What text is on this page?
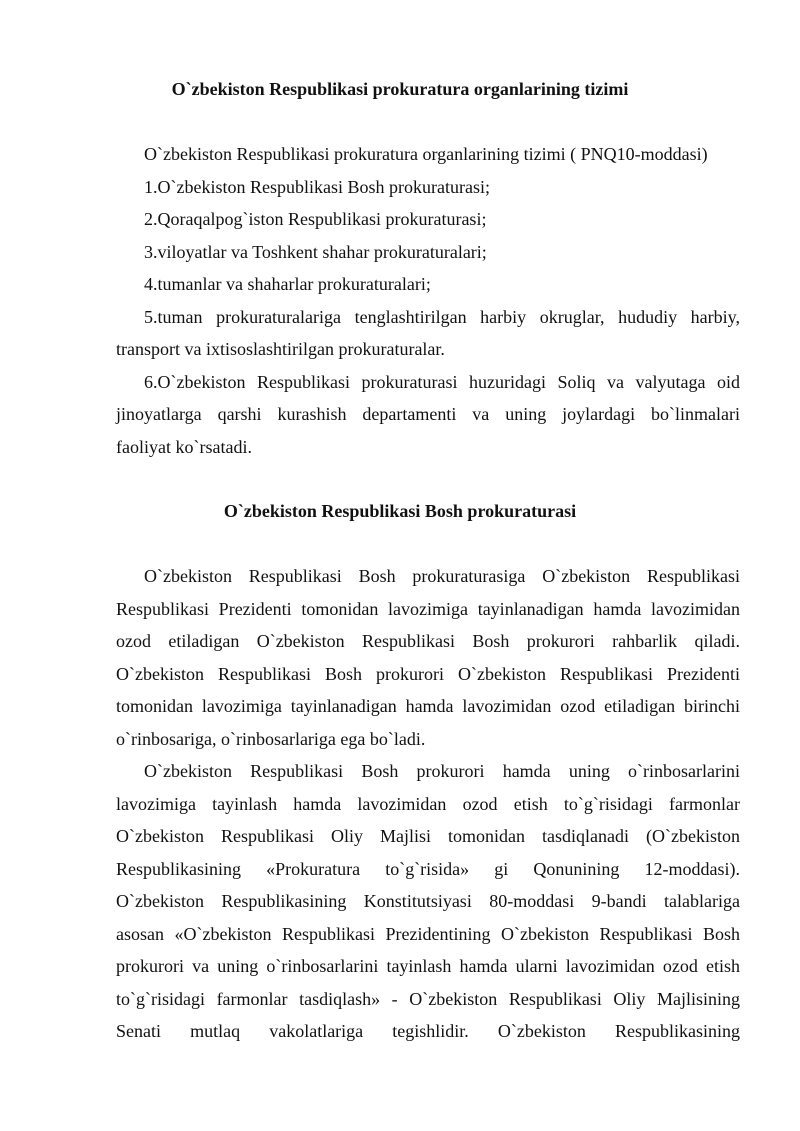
O`zbekiston Respublikasi prokuratura organlarining tizimi
O`zbekiston Respublikasi prokuratura organlarining tizimi ( PNQ10-moddasi)
1.O`zbekiston Respublikasi Bosh prokuraturasi;
2.Qoraqalpog`iston Respublikasi prokuraturasi;
3.viloyatlar va Toshkent shahar prokuraturalari;
4.tumanlar va shaharlar prokuraturalari;
5.tuman prokuraturalariga tenglashtirilgan harbiy okruglar, hududiy harbiy,
transport va ixtisoslashtirilgan prokuraturalar.
6.O`zbekiston Respublikasi prokuraturasi huzuridagi Soliq va valyutaga oid
jinoyatlarga qarshi kurashish departamenti va uning joylardagi bo`linmalari
faoliyat ko`rsatadi.
O`zbekiston Respublikasi Bosh prokuraturasi
O`zbekiston Respublikasi Bosh prokuraturasiga O`zbekiston Respublikasi
Respublikasi Prezidenti tomonidan lavozimiga tayinlanadigan hamda lavozimidan
ozod etiladigan O`zbekiston Respublikasi Bosh prokurori rahbarlik qiladi.
O`zbekiston Respublikasi Bosh prokurori O`zbekiston Respublikasi Prezidenti
tomonidan lavozimiga tayinlanadigan hamda lavozimidan ozod etiladigan birinchi
o`rinbosariga, o`rinbosarlariga ega bo`ladi.
O`zbekiston Respublikasi Bosh prokurori hamda uning o`rinbosarlarini
lavozimiga tayinlash hamda lavozimidan ozod etish to`g`risidagi farmonlar
O`zbekiston Respublikasi Oliy Majlisi tomonidan tasdiqlanadi (O`zbekiston
Respublikasining «Prokuratura to`g`risida» gi Qonunining 12-moddasi).
O`zbekiston Respublikasining Konstitutsiyasi 80-moddasi 9-bandi talablariga
asosan «O`zbekiston Respublikasi Prezidentining O`zbekiston Respublikasi Bosh
prokurori va uning o`rinbosarlarini tayinlash hamda ularni lavozimidan ozod etish
to`g`risidagi farmonlar tasdiqlash» - O`zbekiston Respublikasi Oliy Majlisining
Senati mutlaq vakolatlariga tegishlidir. O`zbekiston Respublikasining
